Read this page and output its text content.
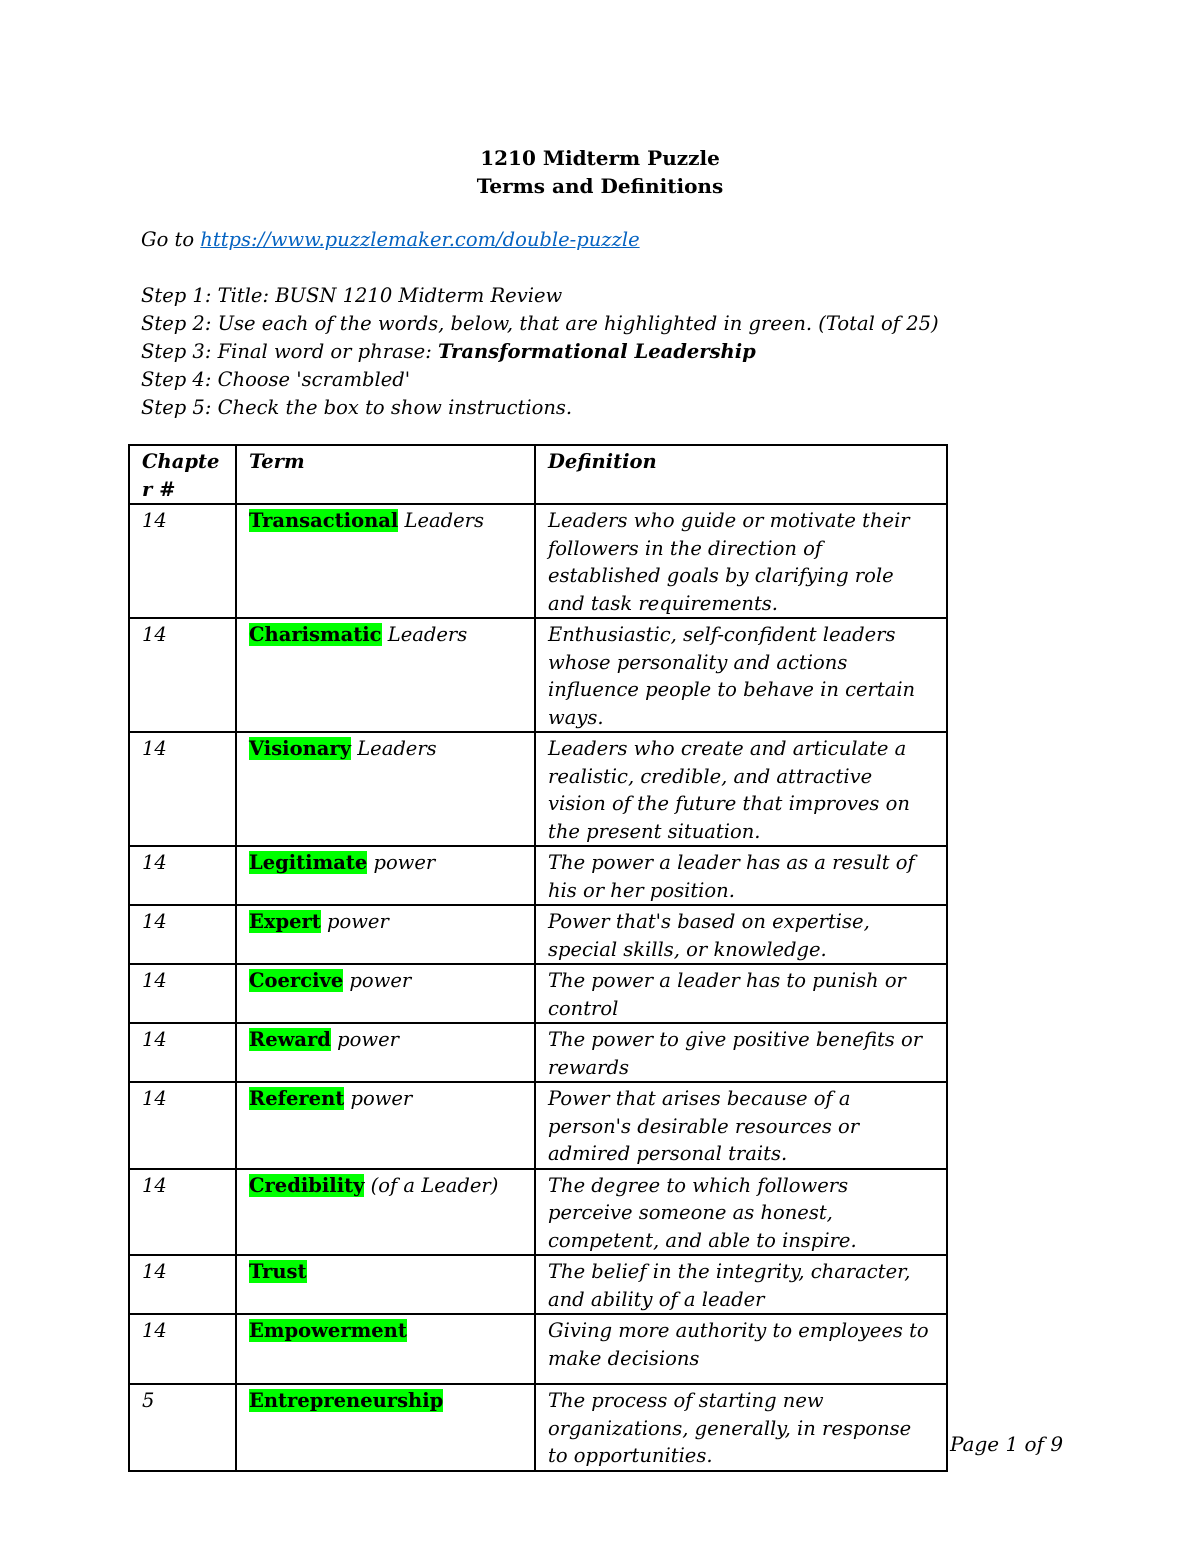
1210 Midterm Puzzle
Terms and Definitions
Go to https://www.puzzlemaker.com/double-puzzle
Step 1: Title: BUSN 1210 Midterm Review
Step 2: Use each of the words, below, that are highlighted in green. (Total of 25)
Step 3: Final word or phrase: Transformational Leadership
Step 4: Choose 'scrambled'
Step 5: Check the box to show instructions.
Chapte r #	Term	Definition
14	Transactional Leaders	Leaders who guide or motivate their followers in the direction of established goals by clarifying role and task requirements.
14	Charismatic Leaders	Enthusiastic, self-confident leaders whose personality and actions influence people to behave in certain ways.
14	Visionary Leaders	Leaders who create and articulate a realistic, credible, and attractive vision of the future that improves on the present situation.
14	Legitimate power	The power a leader has as a result of his or her position.
14	Expert power	Power that's based on expertise, special skills, or knowledge.
14	Coercive power	The power a leader has to punish or control
14	Reward power	The power to give positive benefits or rewards
14	Referent power	Power that arises because of a person's desirable resources or admired personal traits.
14	Credibility (of a Leader)	The degree to which followers perceive someone as honest, competent, and able to inspire.
14	Trust	The belief in the integrity, character, and ability of a leader
14	Empowerment	Giving more authority to employees to make decisions
5	Entrepreneurship	The process of starting new organizations, generally, in response to opportunities.	Page 1 of 9
